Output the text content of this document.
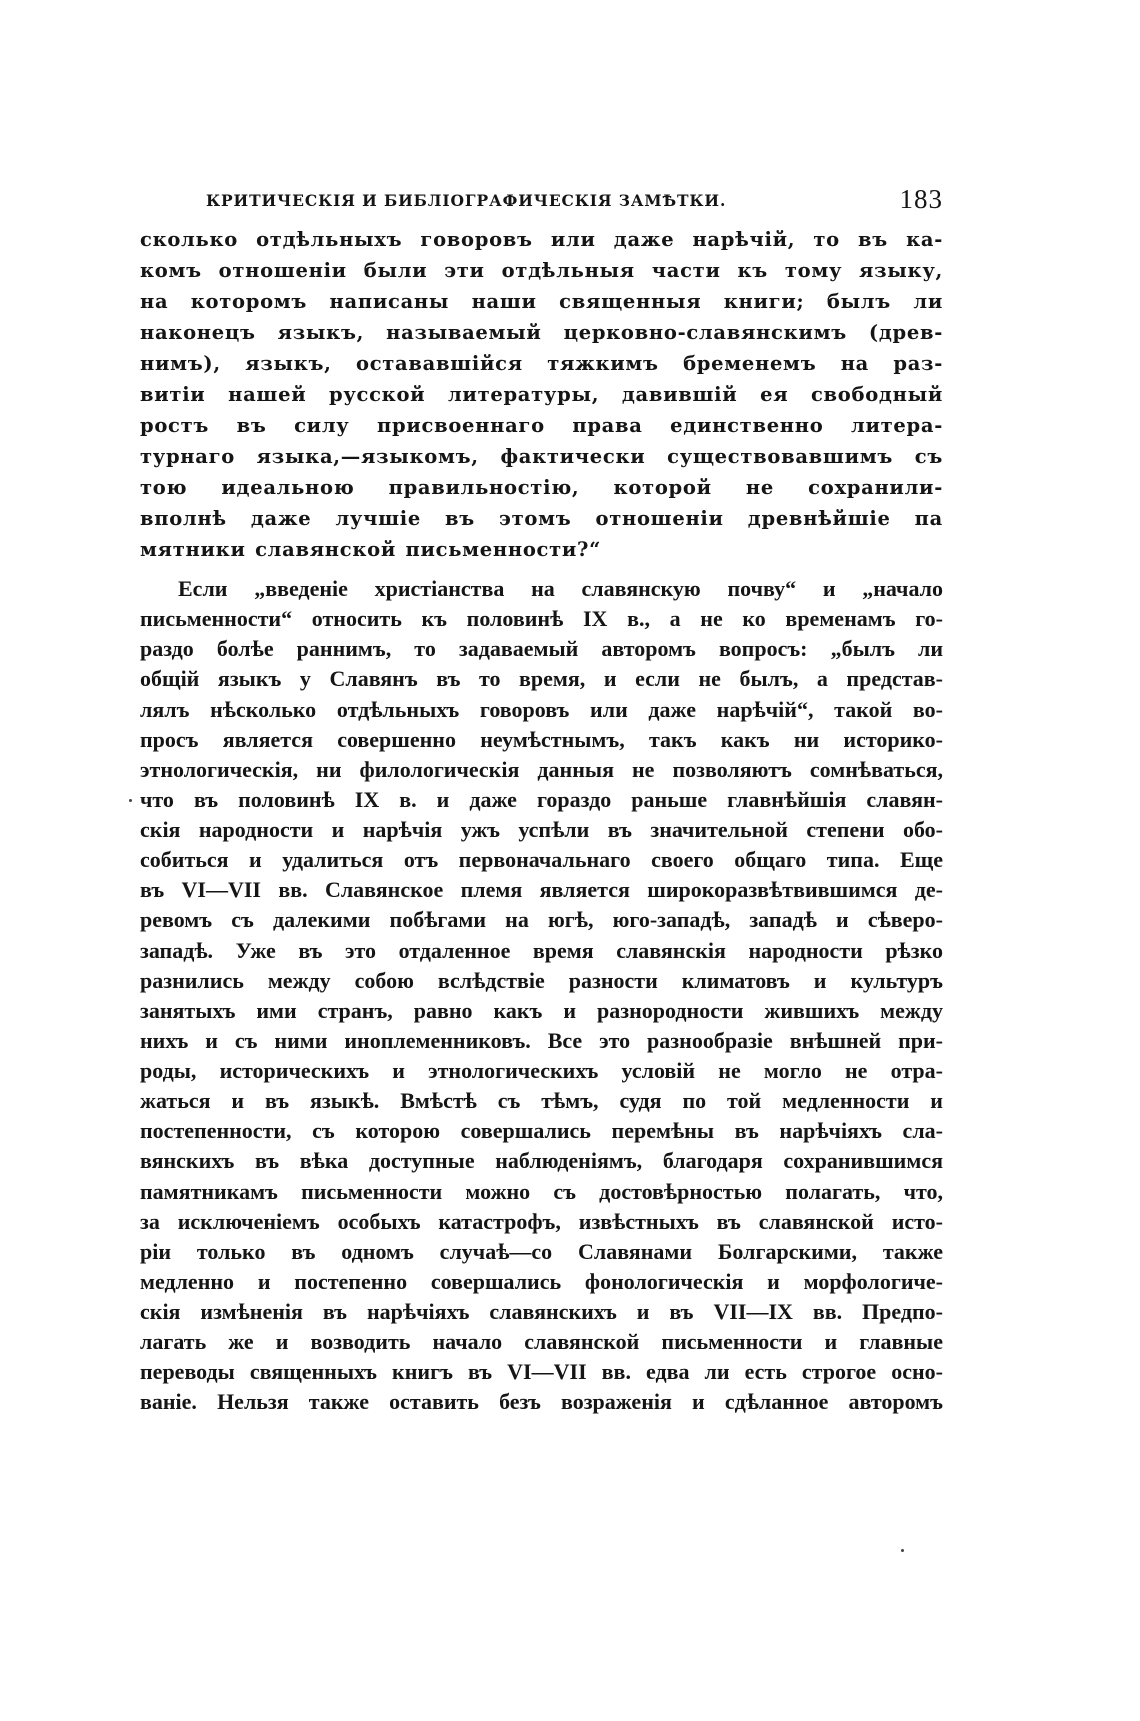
КРИТИЧЕСКІЯ И БИБЛІОГРАФИЧЕСКІЯ ЗАМѢТКИ.	183
сколько отдѣльныхъ говоровъ или даже нарѣчій, то въ ка-
комъ отношеніи были эти отдѣльныя части къ тому языку,
на которомъ написаны наши священныя книги; былъ ли
наконецъ языкъ, называемый церковно-славянскимъ (древ-
нимъ), языкъ, остававшійся тяжкимъ бременемъ на раз-
витіи нашей русской литературы, давившій ея свободный
ростъ въ силу присвоеннаго права единственно литера-
турнаго языка,—языкомъ, фактически существовавшимъ съ
тою идеальною правильностію, которой не сохранили-
вполнѣ даже лучшіе въ этомъ отношеніи древнѣйшіе па
мятники славянской письменности?“
Если „введеніе христіанства на славянскую почву“ и „начало
письменности“ относить къ половинѣ IX в., а не ко временамъ го-
раздо болѣе раннимъ, то задаваемый авторомъ вопросъ: „былъ ли
общій языкъ у Славянъ въ то время, и если не былъ, а представ-
лялъ нѣсколько отдѣльныхъ говоровъ или даже нарѣчій“, такой во-
просъ является совершенно неумѣстнымъ, такъ какъ ни историко-
этнологическія, ни филологическія данныя не позволяютъ сомнѣваться,
что въ половинѣ IX в. и даже гораздо раньше главнѣйшія славян-
скія народности и нарѣчія ужъ успѣли въ значительной степени обо-
собиться и удалиться отъ первоначальнаго своего общаго типа. Еще
въ VI—VII вв. Славянское племя является широкоразвѣтвившимся де-
ревомъ съ далекими побѣгами на югѣ, юго-западѣ, западѣ и сѣверо-
западѣ. Уже въ это отдаленное время славянскія народности рѣзко
разнились между собою вслѣдствіе разности климатовъ и культуръ
занятыхъ ими странъ, равно какъ и разнородности жившихъ между
нихъ и съ ними иноплеменниковъ. Все это разнообразіе внѣшней при-
роды, историческихъ и этнологическихъ условій не могло не отра-
жаться и въ языкѣ. Вмѣстѣ съ тѣмъ, судя по той медленности и
постепенности, съ которою совершались перемѣны въ нарѣчіяхъ сла-
вянскихъ въ вѣка доступные наблюденіямъ, благодаря сохранившимся
памятникамъ письменности можно съ достовѣрностью полагать, что,
за исключеніемъ особыхъ катастрофъ, извѣстныхъ въ славянской исто-
ріи только въ одномъ случаѣ—со Славянами Болгарскими, также
медленно и постепенно совершались фонологическія и морфологиче-
скія измѣненія въ нарѣчіяхъ славянскихъ и въ VII—IX вв. Предпо-
лагать же и возводить начало славянской письменности и главные
переводы священныхъ книгъ въ VI—VII вв. едва ли есть строгое осно-
ваніе. Нельзя также оставить безъ возраженія и сдѣланное авторомъ
